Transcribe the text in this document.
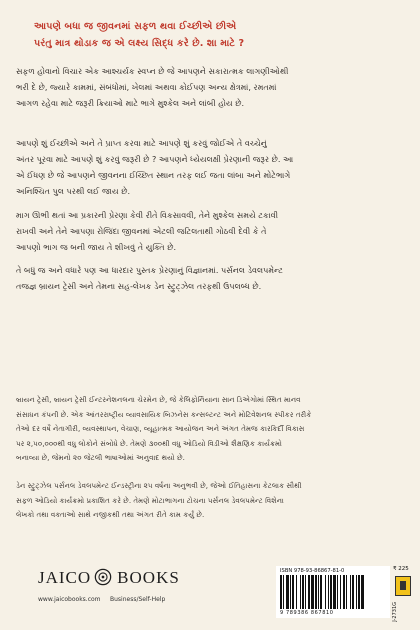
આપણે બધા જ જીવનમાં સફળ થવા ઈચ્છીએ છીએ
પરંતુ માત્ર થોડાક જ એ લક્ષ્ય સિદ્ધ કરે છે. શા માટે ?
સફળ હોવાનો વિચાર એક આશ્ચર્યક સ્વપ્ન છે જે આપણને સકારાત્મક લાગણીઓથી
ભરી દે છે, જ્યારે કામમાં, સંબંધોમાં, ખેલમાં અથવા કોઈપણ અન્ય ક્ષેત્રમાં, રમતમાં
આગળ રહેવા માટે જરૂરી ક્રિયાઓ માટે ભાગે મુશ્કેલ અને લાંબી હોય છે.
આપણે શું ઈચ્છીએ અને તે પ્રાપ્ત કરવા માટે આપણે શું કરવું જોઈએ તે વચ્ચેનું
અંતર પૂરવા માટે આપણે શું કરવું જરૂરી છે ? આપણને ધ્યેયલક્ષી પ્રેરણાની જરૂર છે. આ
એ ઈંધણ છે જે આપણને જીવનના ઈચ્છિત સ્થાન તરફ લઈ જતા લાંબા અને મોટેભાગે
અનિશ્ચિત પુલ પરથી લઈ જાય છે.
માગ ઊભી થતાં આ પ્રકારની પ્રેરણા કેવી રીતે વિકસાવવી, તેને મુશ્કેલ સમયે ટકાવી
રાખવી અને તેને આપણા રોજિંદા જીવનમાં એટલી જટિલતાથી ગોઠવી દેવી કે તે
આપણો ભાગ જ બની જાય તે શીખવું તે યુક્તિ છે.
તે બધું જ અને વધારે પણ આ ધારદાર પુસ્તક પ્રેરણાનું વિજ્ઞાનમાં. પર્સનલ ડેવલપમેન્ટ
તજજ્ઞ બ્રાયન ટ્રેસી અને તેમના સહ-લેખક ડેન સ્ટ્રુટ્ઝેલ તરફથી ઉપલબ્ધ છે.
બ્રાયન ટ્રેસી, બ્રાયન ટ્રેસી ઈન્ટરનેશનલના ચેરમેન છે, જે કેલિફોર્નિયાના સાન ડિએગોમાં સ્થિત માનવ
સંસાધન કંપની છે. એક આંતરરાષ્ટ્રીય વ્યાવસાયિક બિઝનેસ કન્સલ્ટન્ટ અને મોટિવેશનલ સ્પીકર તરીકે
તેઓ દર વર્ષે નેતાગીરી, વ્યવસ્થાપન, વેચાણ, વ્યૂહાત્મક આયોજન અને અંગત તેમજ કારકિર્દી વિકાસ
પર ૨,૫૦,૦૦૦થી વધુ લોકોને સંબોધે છે. તેમણે ૩૦૦થી વધુ ઓડિયો વિડીઓ શૈક્ષણિક કાર્યક્રમો
બનાવ્યા છે, જેમનો ૨૦ જેટલી ભાષાઓમાં અનુવાદ થયો છે.
ડેન સ્ટ્રુટ્ઝેલ પર્સનલ ડેવલપમેન્ટ ઈન્ડસ્ટ્રીના ૨૫ વર્ષના અનુભવી છે, જેઓ ઈતિહાસના કેટલાક સૌથી
સફળ ઓડિયો કાર્યક્રમો પ્રકાશિત કરે છે. તેમણે મોટાભાગના ટોચના પર્સનલ ડેવલપમેન્ટ વિશેના
લેખકો તથા વક્તાઓ સાથે નજીકથી તથા અંગત રીતે કામ કર્યું છે.
JAICO BOOKS
www.jaicobooks.com Business/Self-Help
ISBN 978-93-86867-81-0
9 789386 867810
₹ 225
J-2731G
